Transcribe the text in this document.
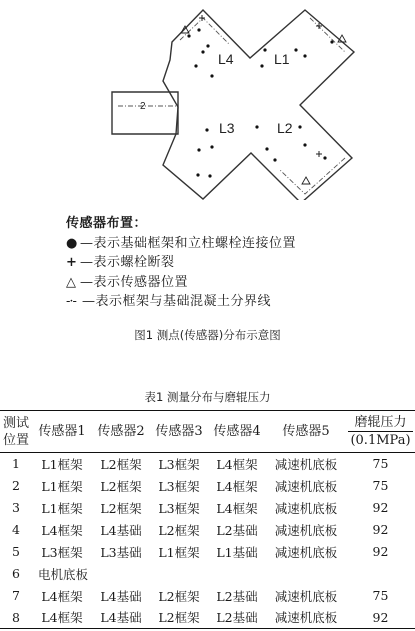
2
L4	L1
L3	L2
传感器布置：
● —表示基础框架和立柱螺栓连接位置
+ —表示螺栓断裂
△ —表示传感器位置
-·- —表示框架与基础混凝土分界线
图1 测点(传感器)分布示意图
表1 测量分布与磨辊压力
测试
位置	传感器1	传感器2	传感器3	传感器4	传感器5	磨辊压力
(0.1MPa)
1	L1框架	L2框架	L3框架	L4框架	减速机底板	75
2	L1框架	L2框架	L3框架	L4框架	减速机底板	75
3	L1框架	L2框架	L3框架	L4框架	减速机底板	92
4	L4框架	L4基础	L2框架	L2基础	减速机底板	92
5	L3框架	L3基础	L1框架	L1基础	减速机底板	92
6	电机底板					
7	L4框架	L4基础	L2框架	L2基础	减速机底板	75
8	L4框架	L4基础	L2框架	L2基础	减速机底板	92
